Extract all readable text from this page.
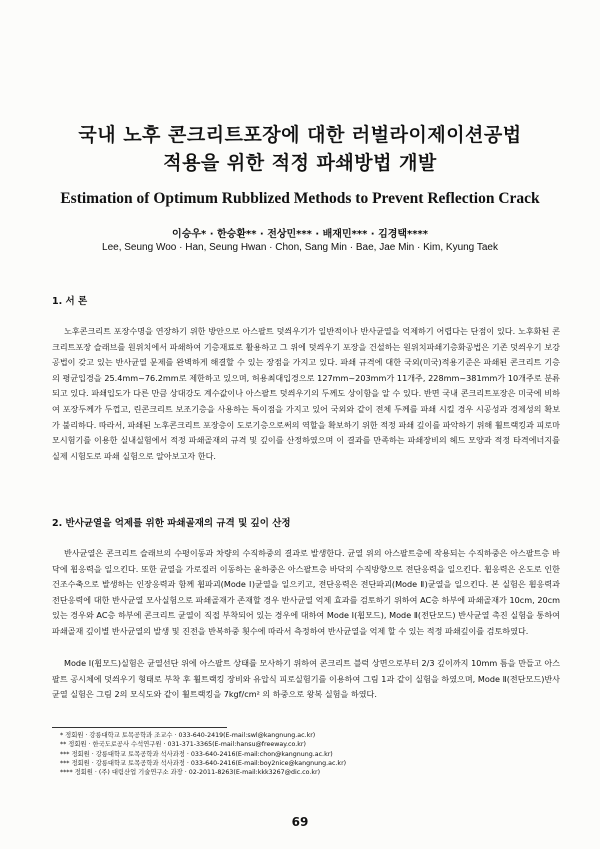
국내 노후 콘크리트포장에 대한 러벌라이제이션공법
적용을 위한 적정 파쇄방법 개발
Estimation of Optimum Rubblized Methods to Prevent Reflection Crack
이승우* · 한승환** · 전상민*** · 배재민*** · 김경택****
Lee, Seung Woo · Han, Seung Hwan · Chon, Sang Min · Bae, Jae Min · Kim, Kyung Taek
1. 서 론

노후콘크리트 포장수명을 연장하기 위한 방안으로 아스팔트 덧씌우기가 일반적이나 반사균열을 억제하기 어렵다는 단점이 있다. 노후화된 콘크리트포장 슬래브를 원위치에서 파쇄하여 기층재료로 활용하고 그 위에 덧씌우기 포장을 건설하는 원위치파쇄기층화공법은 기존 덧씌우기 보강 공법이 갖고 있는 반사균열 문제를 완벽하게 해결할 수 있는 장점을 가지고 있다. 파쇄 규격에 대한 국외(미국)적용기준은 파쇄된 콘크리트 기층의 평균입경을 25.4mm~76.2mm로 제한하고 있으며, 허용최대입경으로 127mm~203mm가 11개주, 228mm~381mm가 10개주로 분류되고 있다. 파쇄입도가 다른 만큼 상대강도 계수값이나 아스팔트 덧씌우기의 두께도 상이함을 알 수 있다. 반면 국내 콘크리트포장은 미국에 비하여 포장두께가 두껍고, 린콘크리트 보조기층을 사용하는 특이점을 가지고 있어 국외와 같이 전체 두께를 파쇄 시킬 경우 시공성과 경제성의 확보가 불리하다. 따라서, 파쇄된 노후콘크리트 포장층이 도로기층으로써의 역할을 확보하기 위한 적정 파쇄 깊이를 파악하기 위해 휠트랙킹과 피로마모시험기를 이용한 실내실험에서 적정 파쇄골재의 규격 및 깊이를 산정하였으며 이 결과를 만족하는 파쇄장비의 헤드 모양과 적정 타격에너지를 실제 시험도로 파쇄 실험으로 알아보고자 한다.

2. 반사균열을 억제를 위한 파쇄골재의 규격 및 깊이 산정

반사균열은 콘크리트 슬래브의 수평이동과 차량의 수직하중의 결과로 발생한다. 균열 위의 아스팔트층에 작용되는 수직하중은 아스팔트층 바닥에 휨응력을 일으킨다. 또한 균열을 가로질러 이동하는 윤하중은 아스팔트층 바닥의 수직방향으로 전단응력을 일으킨다. 휨응력은 온도로 인한 건조수축으로 발생하는 인장응력과 함께 휨파괴(Mode Ⅰ)균열을 일으키고, 전단응력은 전단파괴(Mode Ⅱ)균열을 일으킨다. 본 실험은 휨응력과 전단응력에 대한 반사균열 모사실험으로 파쇄골재가 존재할 경우 반사균열 억제 효과를 검토하기 위하여 AC층 하부에 파쇄골재가 10cm, 20cm 있는 경우와 AC층 하부에 콘크리트 균열이 직접 부착되어 있는 경우에 대하여 Mode Ⅰ(휨모드), Mode Ⅱ(전단모드) 반사균열 촉진 실험을 통하여 파쇄골재 깊이별 반사균열의 발생 및 진전을 반복하중 횟수에 따라서 측정하여 반사균열을 억제 할 수 있는 적정 파쇄깊이를 검토하였다.

Mode Ⅰ(휨모드)실험은 균열선단 위에 아스팔트 상태를 모사하기 위하여 콘크리트 블럭 상면으로부터 2/3 깊이까지 10mm 틈을 만들고 아스팔트 공시체에 덧씌우기 형태로 부착 후 휠트랙킹 장비와 유압식 피로실험기를 이용하여 그림 1과 같이 실험을 하였으며, Mode Ⅱ(전단모드)반사균열 실험은 그림 2의 모식도와 같이 휠트랙킹을 7kgf/cm² 의 하중으로 왕복 실험을 하였다.

* 정회원 · 강릉대학교 토목공학과 조교수 · 033-640-2419(E-mail:swl@kangnung.ac.kr)
** 정회원 · 한국도로공사 수석연구원 · 031-371-3365(E-mail:hansu@freeway.co.kr)
*** 정회원 · 강릉대학교 토목공학과 석사과정 · 033-640-2416(E-mail:chon@kangnung.ac.kr)
*** 정회원 · 강릉대학교 토목공학과 석사과정 · 033-640-2416(E-mail:boy2nice@kangnung.ac.kr)
**** 정회원 · (주) 대림산업 기술연구소 과장 · 02-2011-8263(E-mail:kkk3267@dic.co.kr)
69
